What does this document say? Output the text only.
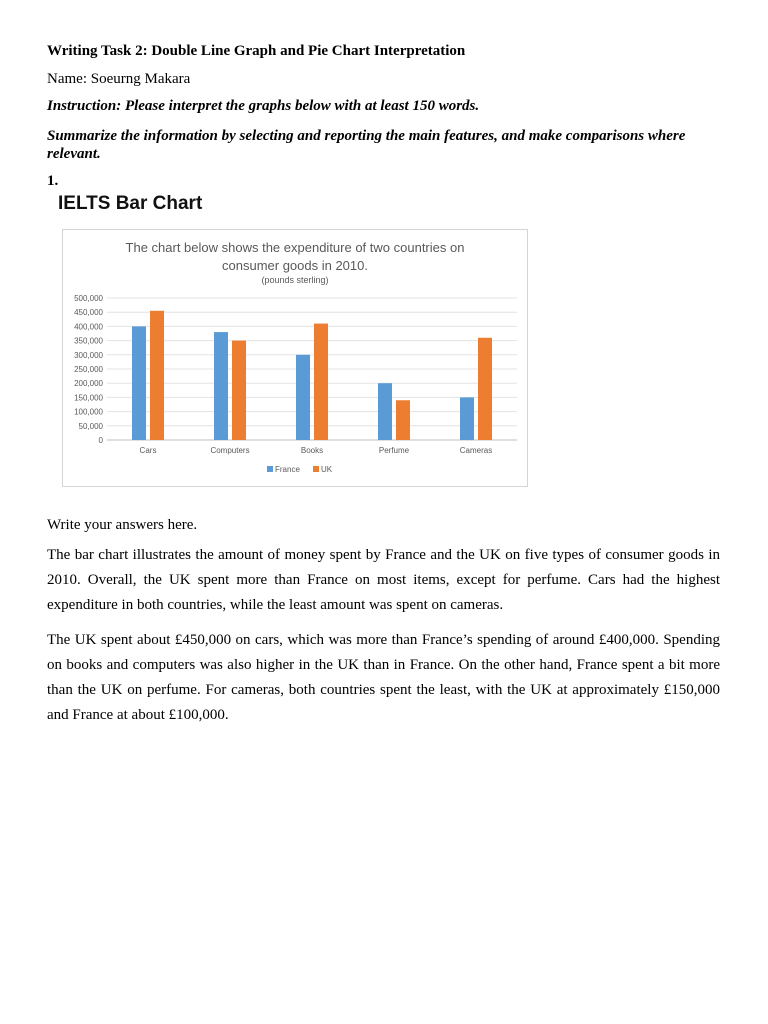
Writing Task 2: Double Line Graph and Pie Chart Interpretation
Name: Soeurng Makara
Instruction: Please interpret the graphs below with at least 150 words.
Summarize the information by selecting and reporting the main features, and make comparisons where relevant.
1.
Write your answers here.

The bar chart illustrates the amount of money spent by France and the UK on five types of consumer goods in 2010. Overall, the UK spent more than France on most items, except for perfume. Cars had the highest expenditure in both countries, while the least amount was spent on cameras.

The UK spent about £450,000 on cars, which was more than France’s spending of around £400,000. Spending on books and computers was also higher in the UK than in France. On the other hand, France spent a bit more than the UK on perfume. For cameras, both countries spent the least, with the UK at approximately £150,000 and France at about £100,000.

IELTS Bar Chart
The chart below shows the expenditure of two countries on
consumer goods in 2010.
(pounds sterling)
0
50,000
100,000
150,000
200,000
250,000
300,000
350,000
400,000
450,000
500,000
Cars	Computers	Books	Perfume	Cameras
France	UK
